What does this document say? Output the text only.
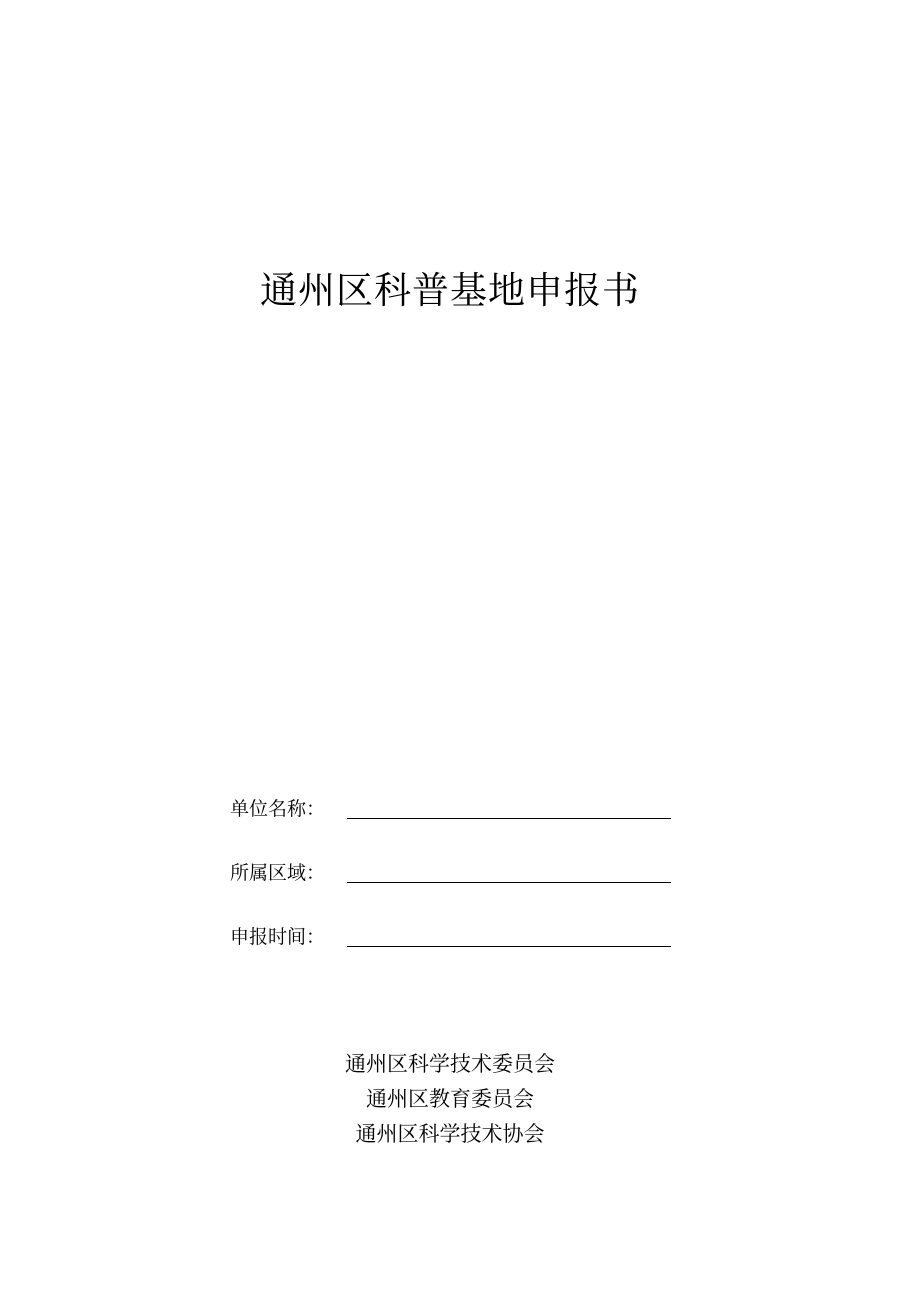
通州区科普基地申报书
单位名称：
所属区域：
申报时间：
通州区科学技术委员会
通州区教育委员会
通州区科学技术协会
